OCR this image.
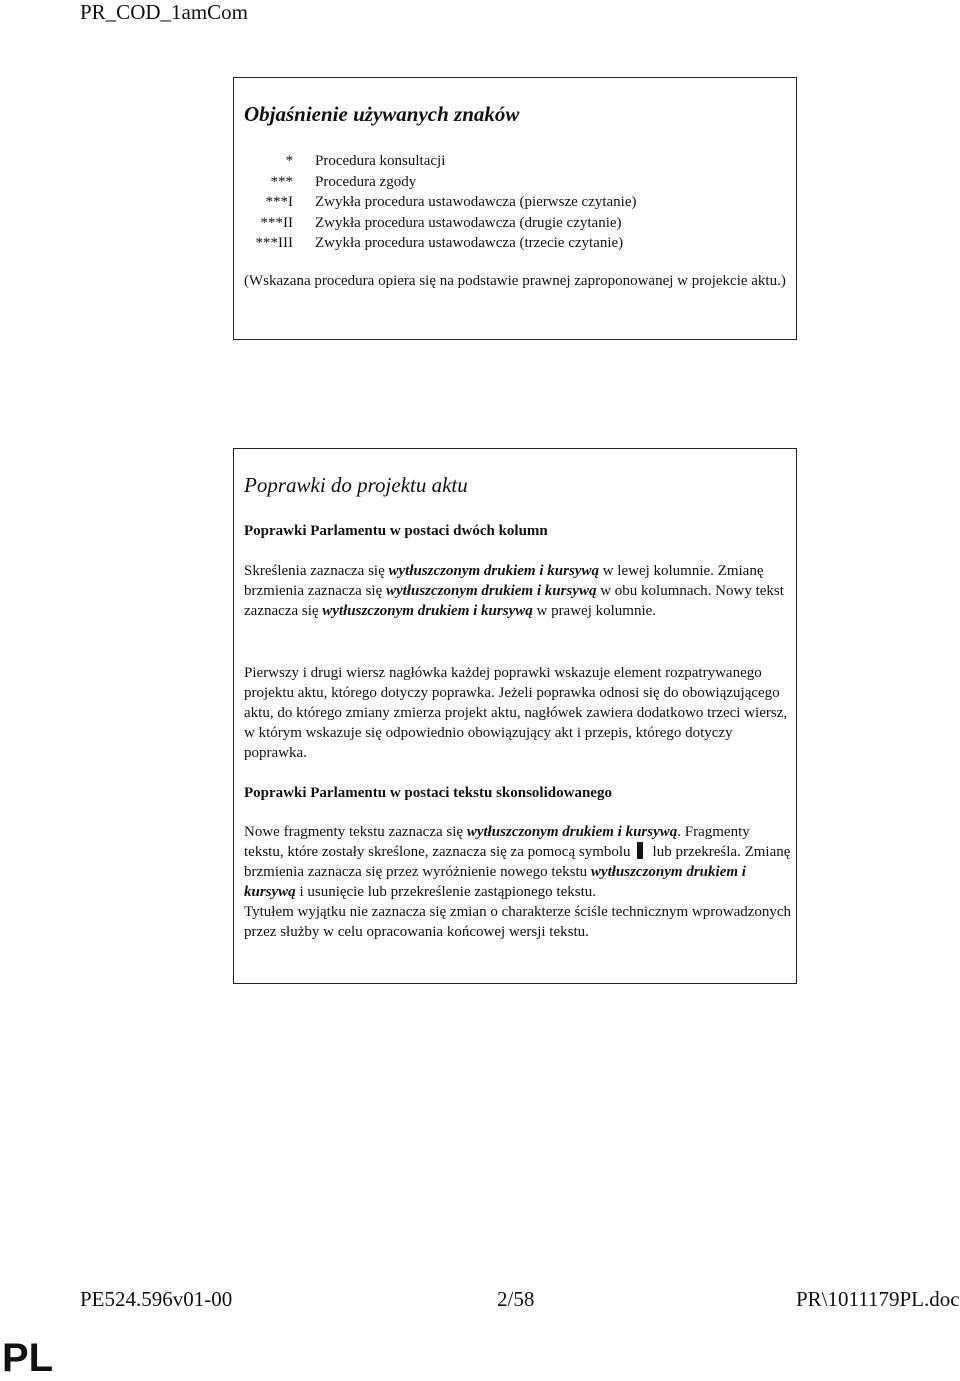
PR_COD_1amCom
Objaśnienie używanych znaków
*	Procedura konsultacji
***	Procedura zgody
***I	Zwykła procedura ustawodawcza (pierwsze czytanie)
***II	Zwykła procedura ustawodawcza (drugie czytanie)
***III	Zwykła procedura ustawodawcza (trzecie czytanie)

(Wskazana procedura opiera się na podstawie prawnej zaproponowanej w projekcie aktu.)

Poprawki do projektu aktu
Poprawki Parlamentu w postaci dwóch kolumn

Skreślenia zaznacza się wytłuszczonym drukiem i kursywą w lewej kolumnie. Zmianę brzmienia zaznacza się wytłuszczonym drukiem i kursywą w obu kolumnach. Nowy tekst zaznacza się wytłuszczonym drukiem i kursywą w prawej kolumnie.

Pierwszy i drugi wiersz nagłówka każdej poprawki wskazuje element rozpatrywanego projektu aktu, którego dotyczy poprawka. Jeżeli poprawka odnosi się do obowiązującego aktu, do którego zmiany zmierza projekt aktu, nagłówek zawiera dodatkowo trzeci wiersz, w którym wskazuje się odpowiednio obowiązujący akt i przepis, którego dotyczy poprawka.

Poprawki Parlamentu w postaci tekstu skonsolidowanego

Nowe fragmenty tekstu zaznacza się wytłuszczonym drukiem i kursywą. Fragmenty tekstu, które zostały skreślone, zaznacza się za pomocą symbolu lub przekreśla. Zmianę brzmienia zaznacza się przez wyróżnienie nowego tekstu wytłuszczonym drukiem i kursywą i usunięcie lub przekreślenie zastąpionego tekstu.
Tytułem wyjątku nie zaznacza się zmian o charakterze ściśle technicznym wprowadzonych przez służby w celu opracowania końcowej wersji tekstu.

PE524.596v01-00	2/58	PR\1011179PL.doc
PL
